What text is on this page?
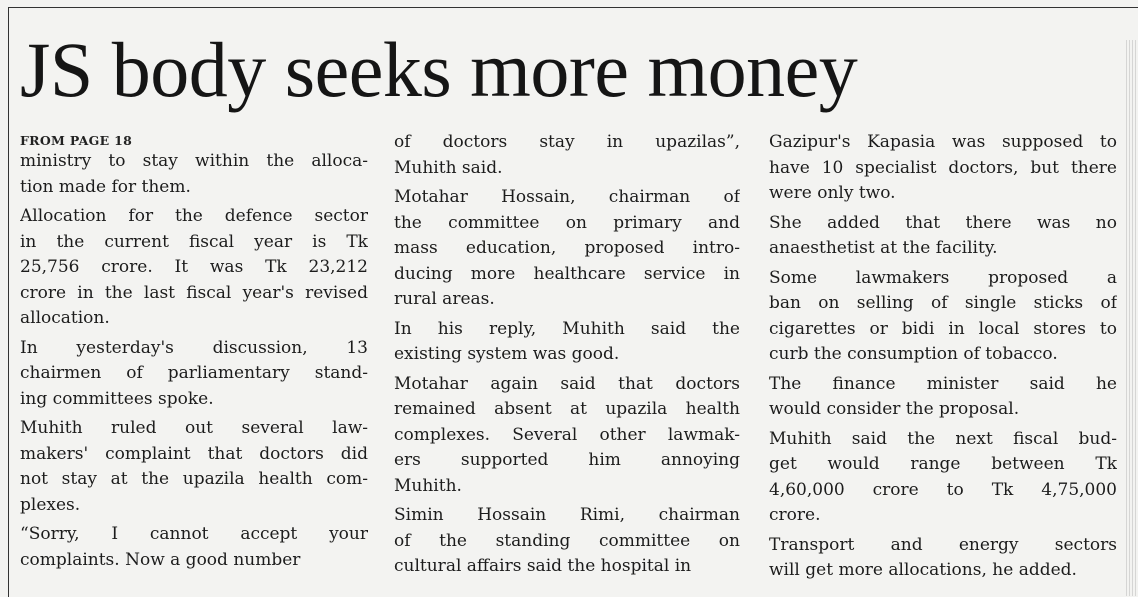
JS body seeks more money
FROM PAGE 18
ministry to stay within the alloca-
tion made for them.
Allocation for the defence sector
in the current fiscal year is Tk
25,756 crore. It was Tk 23,212
crore in the last fiscal year's revised
allocation.
In yesterday's discussion, 13
chairmen of parliamentary stand-
ing committees spoke.
Muhith ruled out several law-
makers' complaint that doctors did
not stay at the upazila health com-
plexes.
“Sorry, I cannot accept your
complaints. Now a good number
of doctors stay in upazilas”,
Muhith said.
Motahar Hossain, chairman of
the committee on primary and
mass education, proposed intro-
ducing more healthcare service in
rural areas.
In his reply, Muhith said the
existing system was good.
Motahar again said that doctors
remained absent at upazila health
complexes. Several other lawmak-
ers supported him annoying
Muhith.
Simin Hossain Rimi, chairman
of the standing committee on
cultural affairs said the hospital in
Gazipur's Kapasia was supposed to
have 10 specialist doctors, but there
were only two.
She added that there was no
anaesthetist at the facility.
Some lawmakers proposed a
ban on selling of single sticks of
cigarettes or bidi in local stores to
curb the consumption of tobacco.
The finance minister said he
would consider the proposal.
Muhith said the next fiscal bud-
get would range between Tk
4,60,000 crore to Tk 4,75,000
crore.
Transport and energy sectors
will get more allocations, he added.
